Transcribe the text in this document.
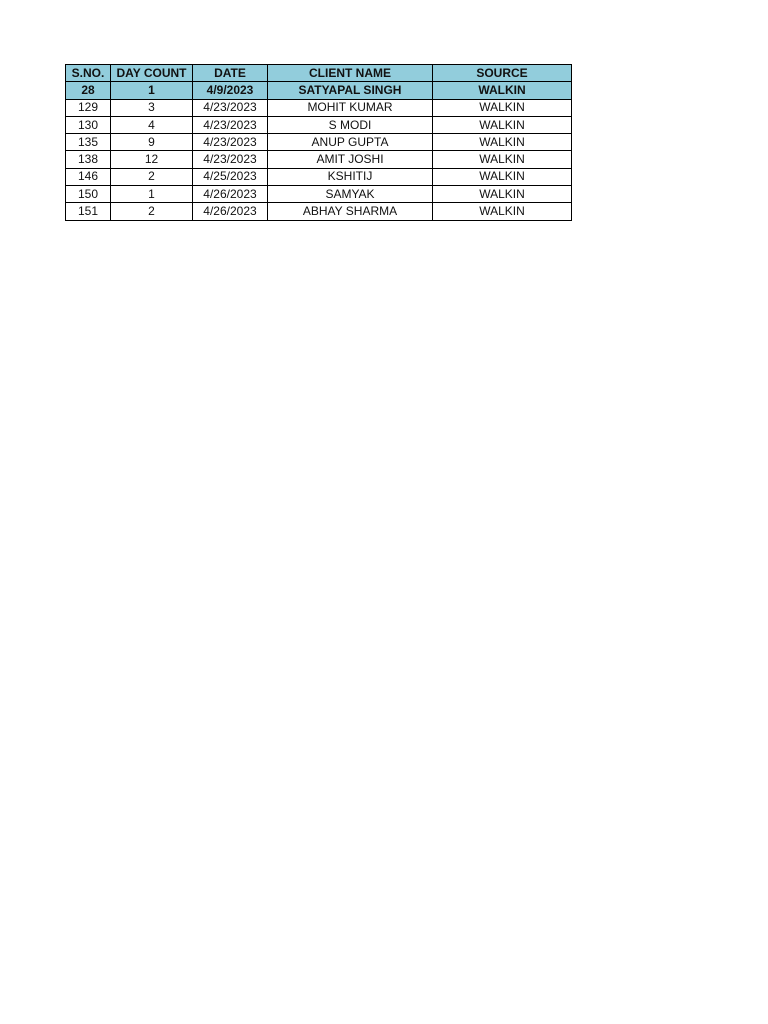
S.NO.	DAY COUNT	DATE	CLIENT NAME	SOURCE
28	1	4/9/2023	SATYAPAL SINGH	WALKIN
129	3	4/23/2023	MOHIT KUMAR	WALKIN
130	4	4/23/2023	S MODI	WALKIN
135	9	4/23/2023	ANUP GUPTA	WALKIN
138	12	4/23/2023	AMIT JOSHI	WALKIN
146	2	4/25/2023	KSHITIJ	WALKIN
150	1	4/26/2023	SAMYAK	WALKIN
151	2	4/26/2023	ABHAY SHARMA	WALKIN
